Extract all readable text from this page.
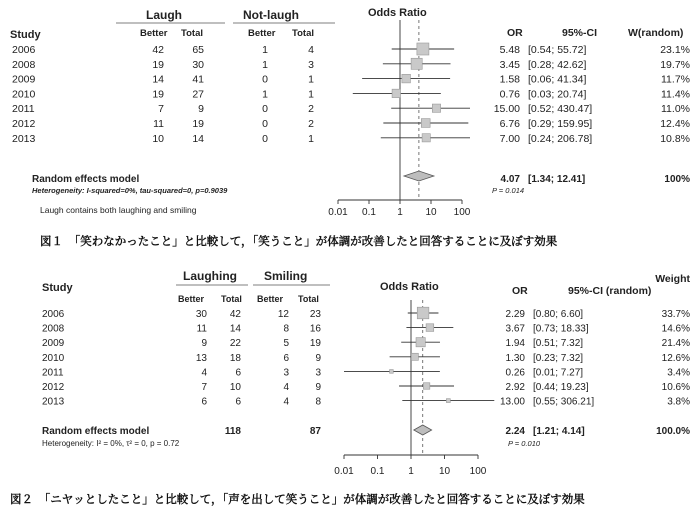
Laugh	Not-laugh	Odds Ratio
Study	Better Total	Better Total	OR	95%-CI	W(random)
2006	42	65	1	4	5.48 [0.54; 55.72]	23.1%
2008	19	30	1	3	3.45 [0.28; 42.62]	19.7%
2009	14	41	0	1	1.58 [0.06; 41.34]	11.7%
2010	19	27	1	1	0.76 [0.03; 20.74]	11.4%
2011	7	9	0	2	15.00 [0.52; 430.47]	11.0%
2012	11	19	0	2	6.76 [0.29; 159.95]	12.4%
2013	10	14	0	1	7.00 [0.24; 206.78]	10.8%
0.01 0.1 1 10 100
Random effects model	4.07 [1.34; 12.41]	100%
Heterogeneity: I-squared=0%, tau-squared=0, p=0.9039	P = 0.014
Laugh contains both laughing and smiling
図１　「笑わなかったこと」と比較して，「笑うこと」が体調が改善したと回答することに及ぼす効果
Laughing Smiling
Odds Ratio
Study
Better Total Better Total
OR	95%-CI (random)
Weight
2006	30 42	12 23	2.29 [0.80; 6.60]	33.7%
2008	11 14	8 16	3.67 [0.73; 18.33]	14.6%
2009	9 22	5 19	1.94 [0.51; 7.32]	21.4%
2010	13 18	6	9	1.30 [0.23; 7.32]	12.6%
2011	4	6	3	3	0.26 [0.01; 7.27]	3.4%
2012	7 10	4	9	2.92 [0.44; 19.23]	10.6%
2013	6	6	4	8	13.00 [0.55; 306.21]	3.8%
0.01 0.1 1	10 100
Random effects model	118	87	2.24 [1.21; 4.14]	100.0%
Heterogeneity: I² = 0%, τ² = 0, p = 0.72	P = 0.010
図２　「ニヤッとしたこと」と比較して，「声を出して笑うこと」が体調が改善したと回答することに及ぼす効果
